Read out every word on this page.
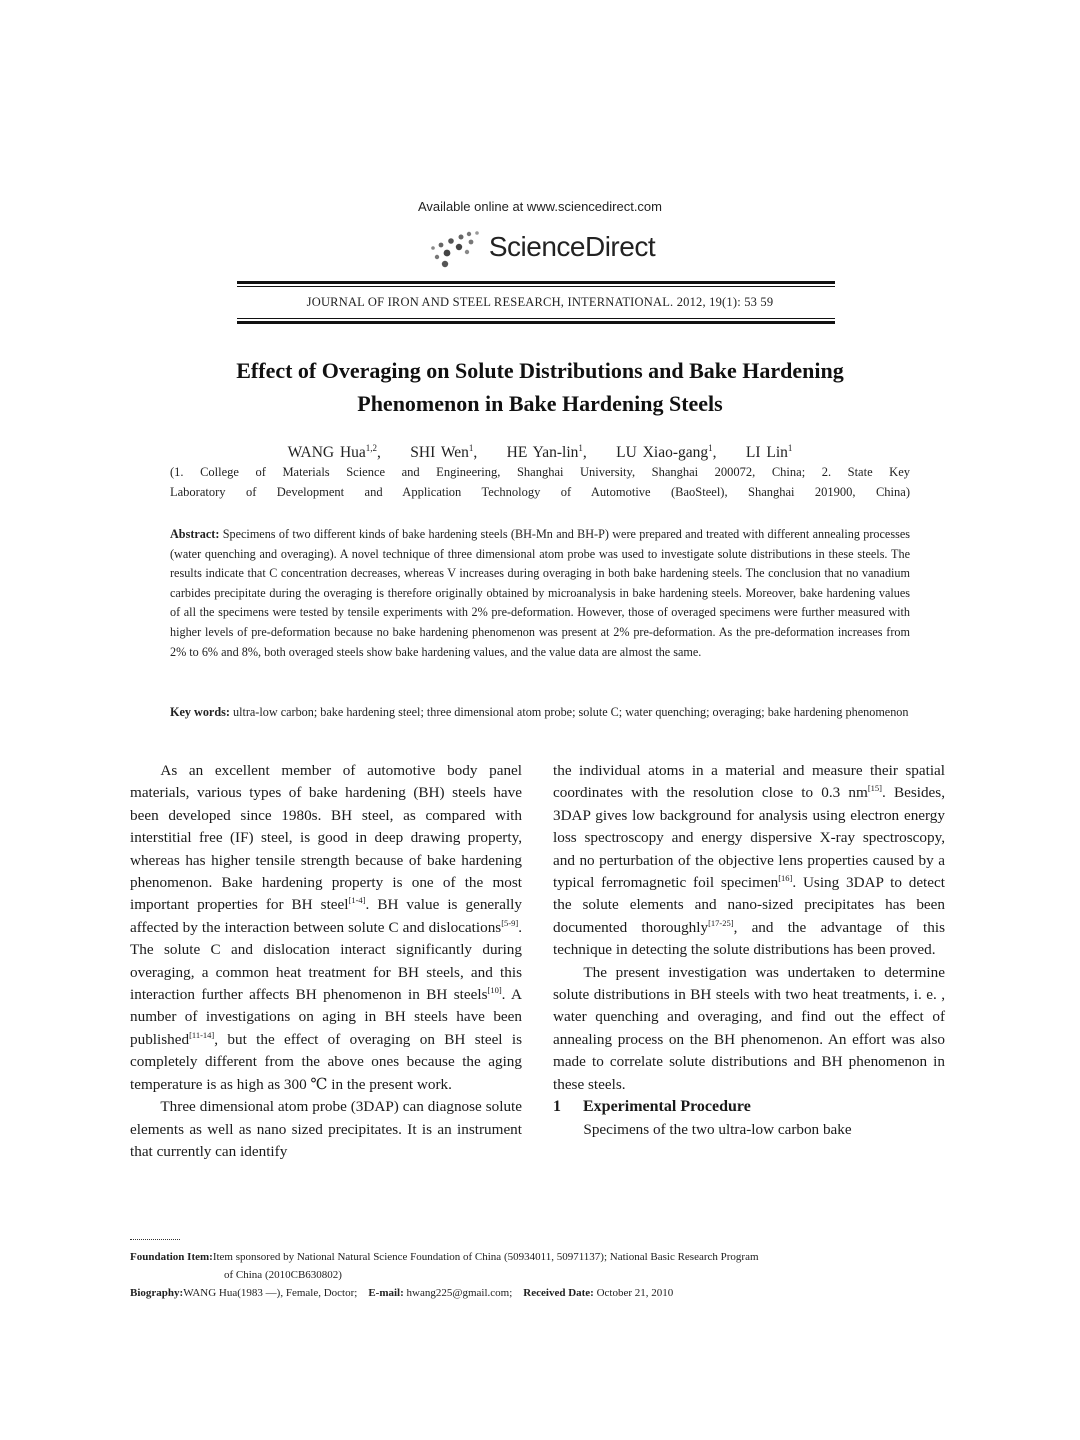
Available online at www.sciencedirect.com
ScienceDirect
JOURNAL OF IRON AND STEEL RESEARCH, INTERNATIONAL. 2012, 19(1): 53 59
Effect of Overaging on Solute Distributions and Bake Hardening
Phenomenon in Bake Hardening Steels
WANG Hua$^{1,2}$,     SHI Wen$^1$,     HE Yan-lin$^1$,     LU Xiao-gang$^1$,     LI Lin$^1$
(1. College of Materials Science and Engineering, Shanghai University, Shanghai 200072, China; 2. State Key
Laboratory of Development and Application Technology of Automotive (BaoSteel), Shanghai 201900, China)
Abstract: Specimens of two different kinds of bake hardening steels (BH-Mn and BH-P) were prepared and treated with different annealing processes (water quenching and overaging). A novel technique of three dimensional atom probe was used to investigate solute distributions in these steels. The results indicate that C concentration decreases, whereas V increases during overaging in both bake hardening steels. The conclusion that no vanadium carbides precipitate during the overaging is therefore originally obtained by microanalysis in bake hardening steels. Moreover, bake hardening values of all the specimens were tested by tensile experiments with 2% pre-deformation. However, those of overaged specimens were further measured with higher levels of pre-deformation because no bake hardening phenomenon was present at 2% pre-deformation. As the pre-deformation increases from 2% to 6% and 8%, both overaged steels show bake hardening values, and the value data are almost the same.
Key words: ultra-low carbon; bake hardening steel; three dimensional atom probe; solute C; water quenching; overaging; bake hardening phenomenon

As an excellent member of automotive body panel materials, various types of bake hardening (BH) steels have been developed since 1980s. BH steel, as compared with interstitial free (IF) steel, is good in deep drawing property, whereas has higher tensile strength because of bake hardening phenomenon. Bake hardening property is one of the most important properties for BH steel[1-4]. BH value is generally affected by the interaction between solute C and dislocations[5-9]. The solute C and dislocation interact significantly during overaging, a common heat treatment for BH steels, and this interaction further affects BH phenomenon in BH steels[10]. A number of investigations on aging in BH steels have been published[11-14], but the effect of overaging on BH steel is completely different from the above ones because the aging temperature is as high as 300 ℃ in the present work.

Three dimensional atom probe (3DAP) can diagnose solute elements as well as nano sized precipitates. It is an instrument that currently can identify

the individual atoms in a material and measure their spatial coordinates with the resolution close to 0.3 nm[15]. Besides, 3DAP gives low background for analysis using electron energy loss spectroscopy and energy dispersive X-ray spectroscopy, and no perturbation of the objective lens properties caused by a typical ferromagnetic foil specimen[16]. Using 3DAP to detect the solute elements and nano-sized precipitates has been documented thoroughly[17-25], and the advantage of this technique in detecting the solute distributions has been proved.

The present investigation was undertaken to determine solute distributions in BH steels with two heat treatments, i. e. , water quenching and overaging, and find out the effect of annealing process on the BH phenomenon. An effort was also made to correlate solute distributions and BH phenomenon in these steels.

1 Experimental Procedure

Specimens of the two ultra-low carbon bake

Foundation Item:Item sponsored by National Natural Science Foundation of China (50934011, 50971137); National Basic Research Program
of China (2010CB630802)
Biography:WANG Hua(1983 —), Female, Doctor; E-mail: hwang225@gmail.com; Received Date: October 21, 2010
